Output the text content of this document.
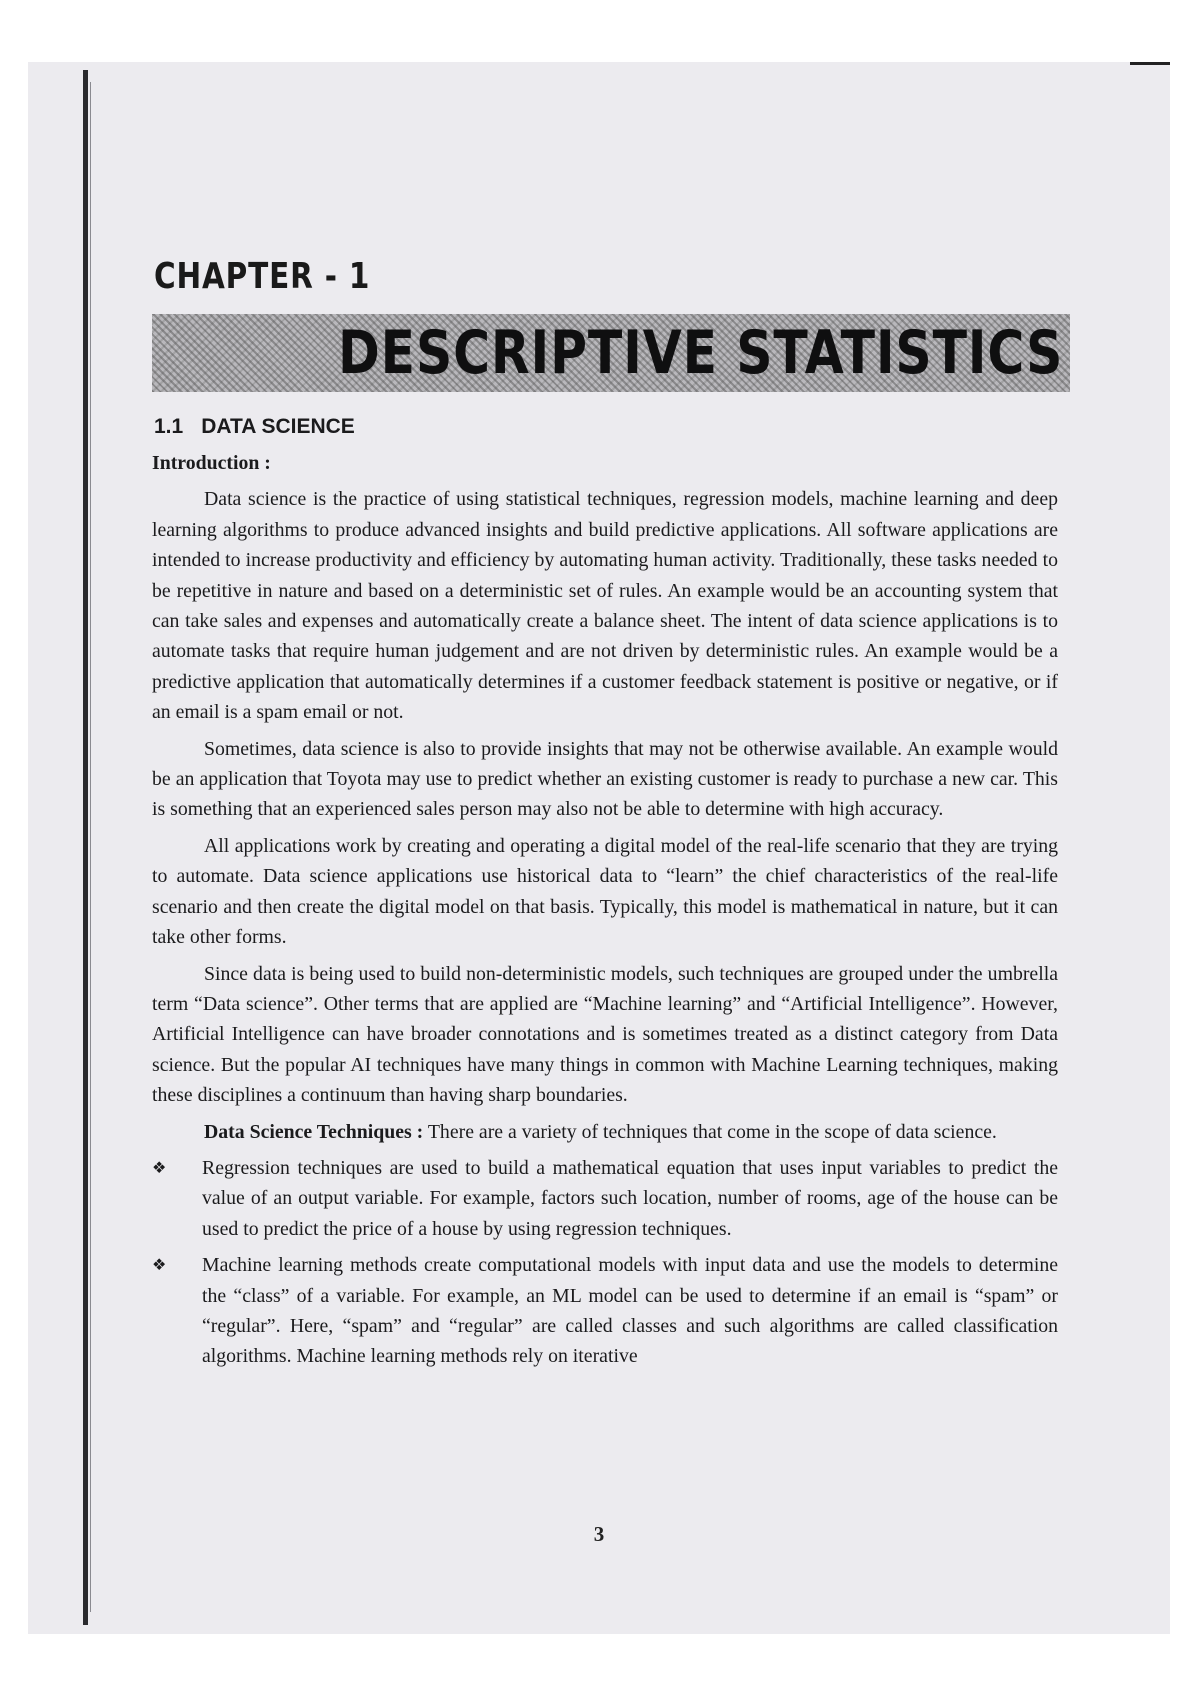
CHAPTER - 1
DESCRIPTIVE STATISTICS
1.1 DATA SCIENCE
Introduction :

Data science is the practice of using statistical techniques, regression models, machine learning and deep learning algorithms to produce advanced insights and build predictive applications. All software applications are intended to increase productivity and efficiency by automating human activity. Traditionally, these tasks needed to be repetitive in nature and based on a deterministic set of rules. An example would be an accounting system that can take sales and expenses and automatically create a balance sheet. The intent of data science applications is to automate tasks that require human judgement and are not driven by deterministic rules. An example would be a predictive application that automatically determines if a customer feedback statement is positive or negative, or if an email is a spam email or not.

Sometimes, data science is also to provide insights that may not be otherwise available. An example would be an application that Toyota may use to predict whether an existing customer is ready to purchase a new car. This is something that an experienced sales person may also not be able to determine with high accuracy.

All applications work by creating and operating a digital model of the real-life scenario that they are trying to automate. Data science applications use historical data to “learn” the chief characteristics of the real-life scenario and then create the digital model on that basis. Typically, this model is mathematical in nature, but it can take other forms.

Since data is being used to build non-deterministic models, such techniques are grouped under the umbrella term “Data science”. Other terms that are applied are “Machine learning” and “Artificial Intelligence”. However, Artificial Intelligence can have broader connotations and is sometimes treated as a distinct category from Data science. But the popular AI techniques have many things in common with Machine Learning techniques, making these disciplines a continuum than having sharp boundaries.

Data Science Techniques : There are a variety of techniques that come in the scope of data science.

❖ Regression techniques are used to build a mathematical equation that uses input variables to predict the value of an output variable. For example, factors such location, number of rooms, age of the house can be used to predict the price of a house by using regression techniques.
❖ Machine learning methods create computational models with input data and use the models to determine the “class” of a variable. For example, an ML model can be used to determine if an email is “spam” or “regular”. Here, “spam” and “regular” are called classes and such algorithms are called classification algorithms. Machine learning methods rely on iterative
3
